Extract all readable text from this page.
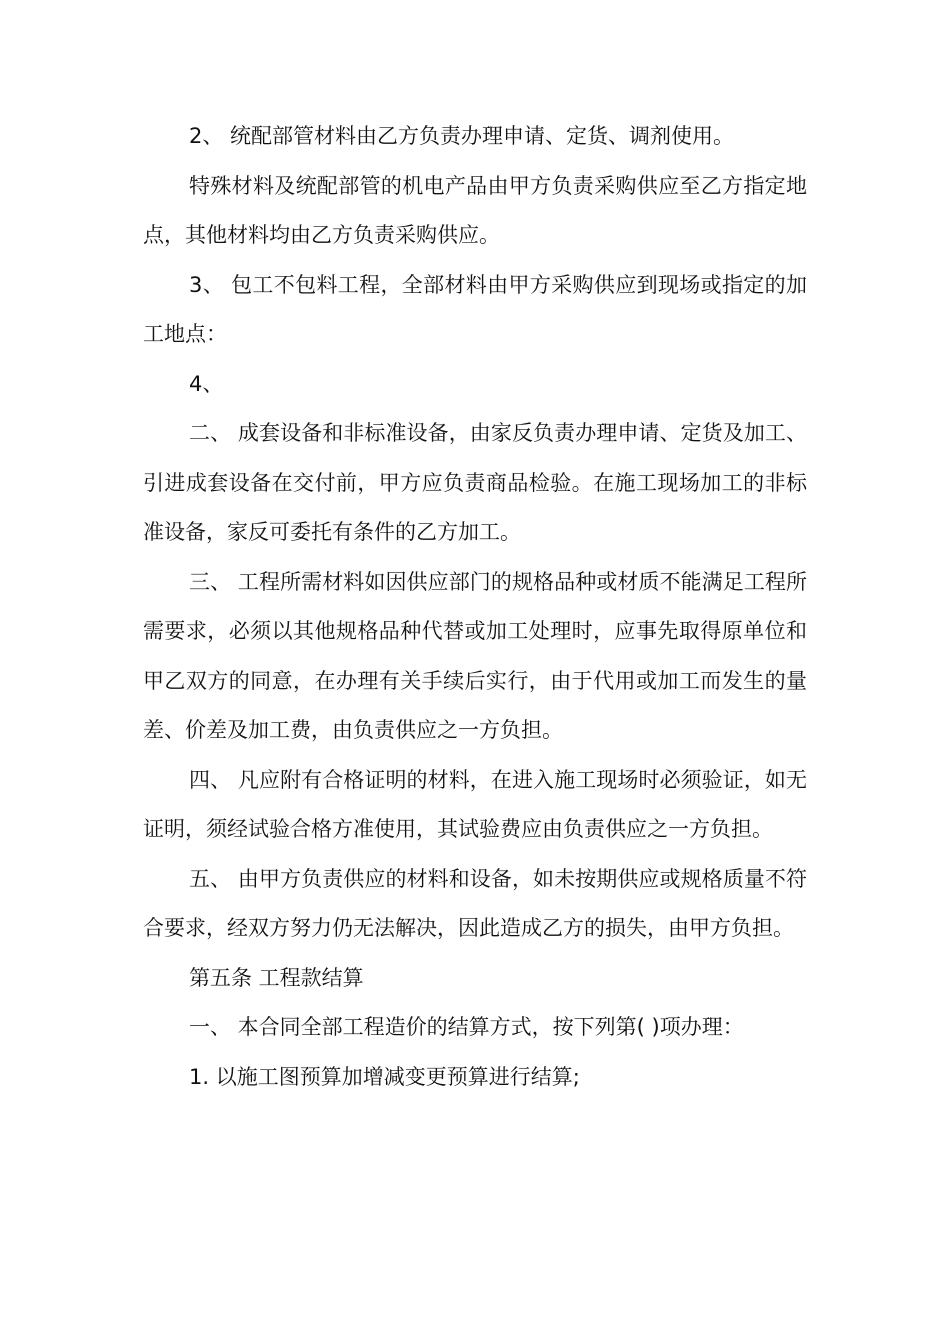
2、 统配部管材料由乙方负责办理申请、定货、调剂使用。

特殊材料及统配部管的机电产品由甲方负责采购供应至乙方指定地点，其他材料均由乙方负责采购供应。

3、 包工不包料工程，全部材料由甲方采购供应到现场或指定的加工地点：

4、

二、 成套设备和非标准设备，由家反负责办理申请、定货及加工、引进成套设备在交付前，甲方应负责商品检验。在施工现场加工的非标准设备，家反可委托有条件的乙方加工。

三、 工程所需材料如因供应部门的规格品种或材质不能满足工程所需要求，必须以其他规格品种代替或加工处理时，应事先取得原单位和甲乙双方的同意，在办理有关手续后实行，由于代用或加工而发生的量差、价差及加工费，由负责供应之一方负担。

四、 凡应附有合格证明的材料，在进入施工现场时必须验证，如无证明，须经试验合格方准使用，其试验费应由负责供应之一方负担。

五、 由甲方负责供应的材料和设备，如未按期供应或规格质量不符合要求，经双方努力仍无法解决，因此造成乙方的损失，由甲方负担。

第五条 工程款结算

一、 本合同全部工程造价的结算方式，按下列第( )项办理：

1. 以施工图预算加增减变更预算进行结算;
